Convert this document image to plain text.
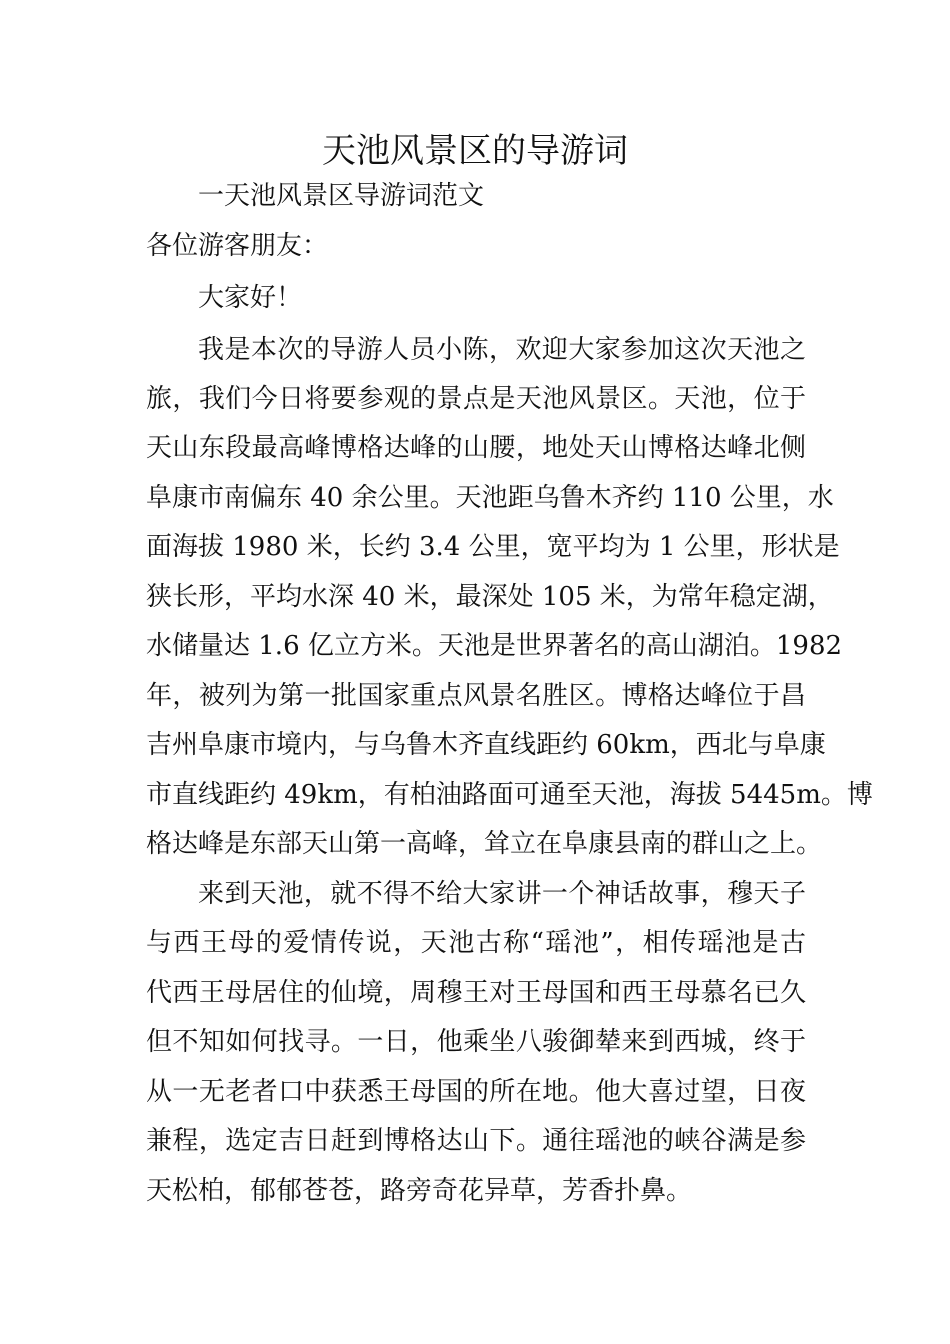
天池风景区的导游词
一天池风景区导游词范文
各位游客朋友：
大家好！
我是本次的导游人员小陈，欢迎大家参加这次天池之
旅，我们今日将要参观的景点是天池风景区。天池，位于
天山东段最高峰博格达峰的山腰，地处天山博格达峰北侧
阜康市南偏东 40 余公里。天池距乌鲁木齐约 110 公里，水
面海拔 1980 米，长约 3.4 公里，宽平均为 1 公里，形状是
狭长形，平均水深 40 米，最深处 105 米，为常年稳定湖，
水储量达 1.6 亿立方米。天池是世界著名的高山湖泊。1982
年，被列为第一批国家重点风景名胜区。博格达峰位于昌
吉州阜康市境内，与乌鲁木齐直线距约 60km，西北与阜康
市直线距约 49km，有柏油路面可通至天池，海拔 5445m。博
格达峰是东部天山第一高峰，耸立在阜康县南的群山之上。
来到天池，就不得不给大家讲一个神话故事，穆天子
与西王母的爱情传说，天池古称“瑶池”，相传瑶池是古
代西王母居住的仙境，周穆王对王母国和西王母慕名已久
但不知如何找寻。一日，他乘坐八骏御辇来到西城，终于
从一无老者口中获悉王母国的所在地。他大喜过望，日夜
兼程，选定吉日赶到博格达山下。通往瑶池的峡谷满是参
天松柏，郁郁苍苍，路旁奇花异草，芳香扑鼻。
